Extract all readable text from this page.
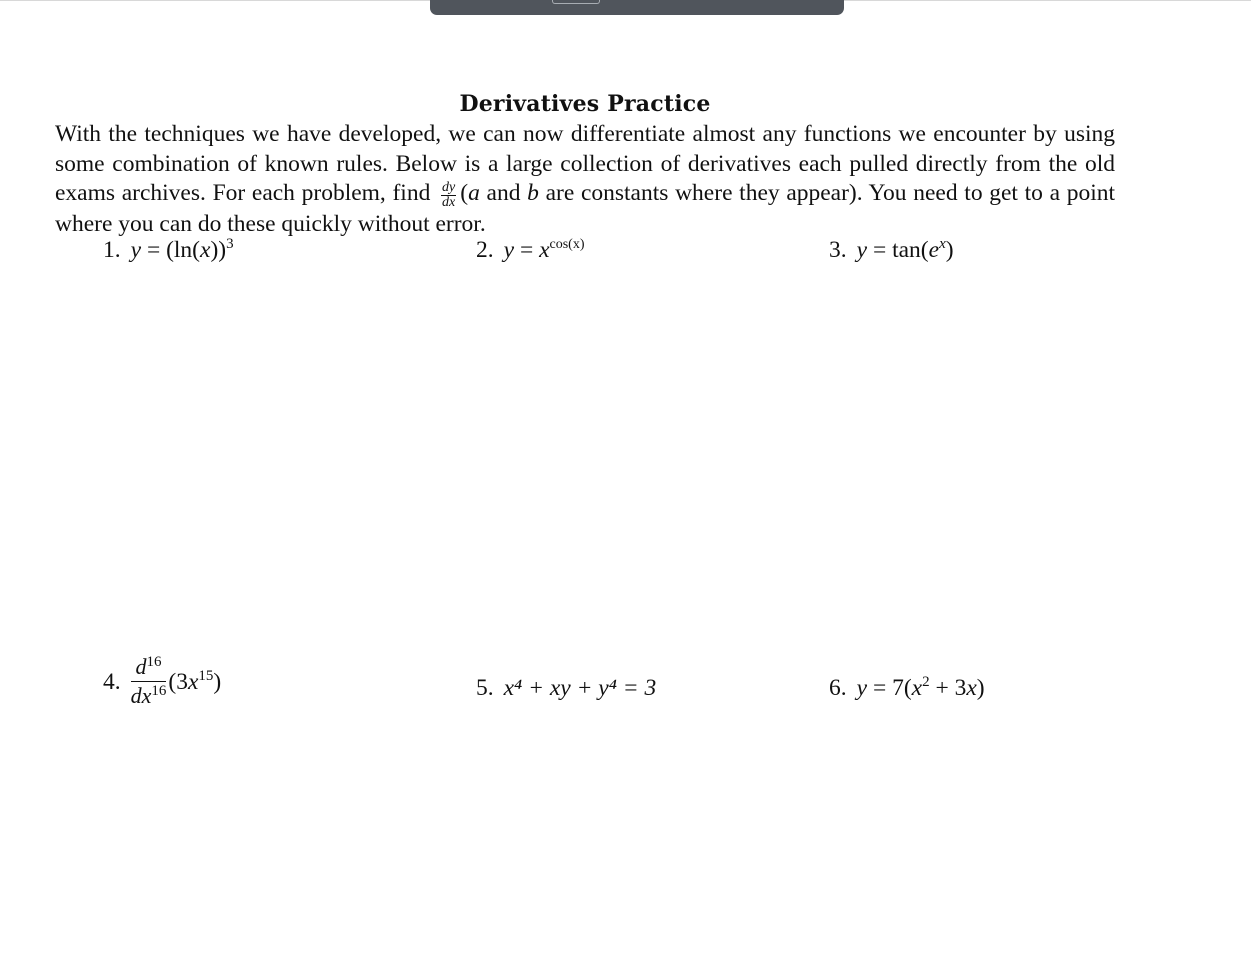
Derivatives Practice
With the techniques we have developed, we can now differentiate almost any functions we encounter by using some combination of known rules. Below is a large collection of derivatives each pulled directly from the old exams archives. For each problem, find $\frac{dy}{dx} (a$ and b are constants where they appear). You need to get to a point where you can do these quickly without error.
1. $y = (\ln(x))^3$	2. $y = x^{cos(x)}$	3. $y = \tan(e^x)$
4. $\frac{d^{16}}{dx^{16}} (3x^{15})$	5. x⁴ + xy + y⁴ = 3	6. $y = 7(x^2 + 3x)$
